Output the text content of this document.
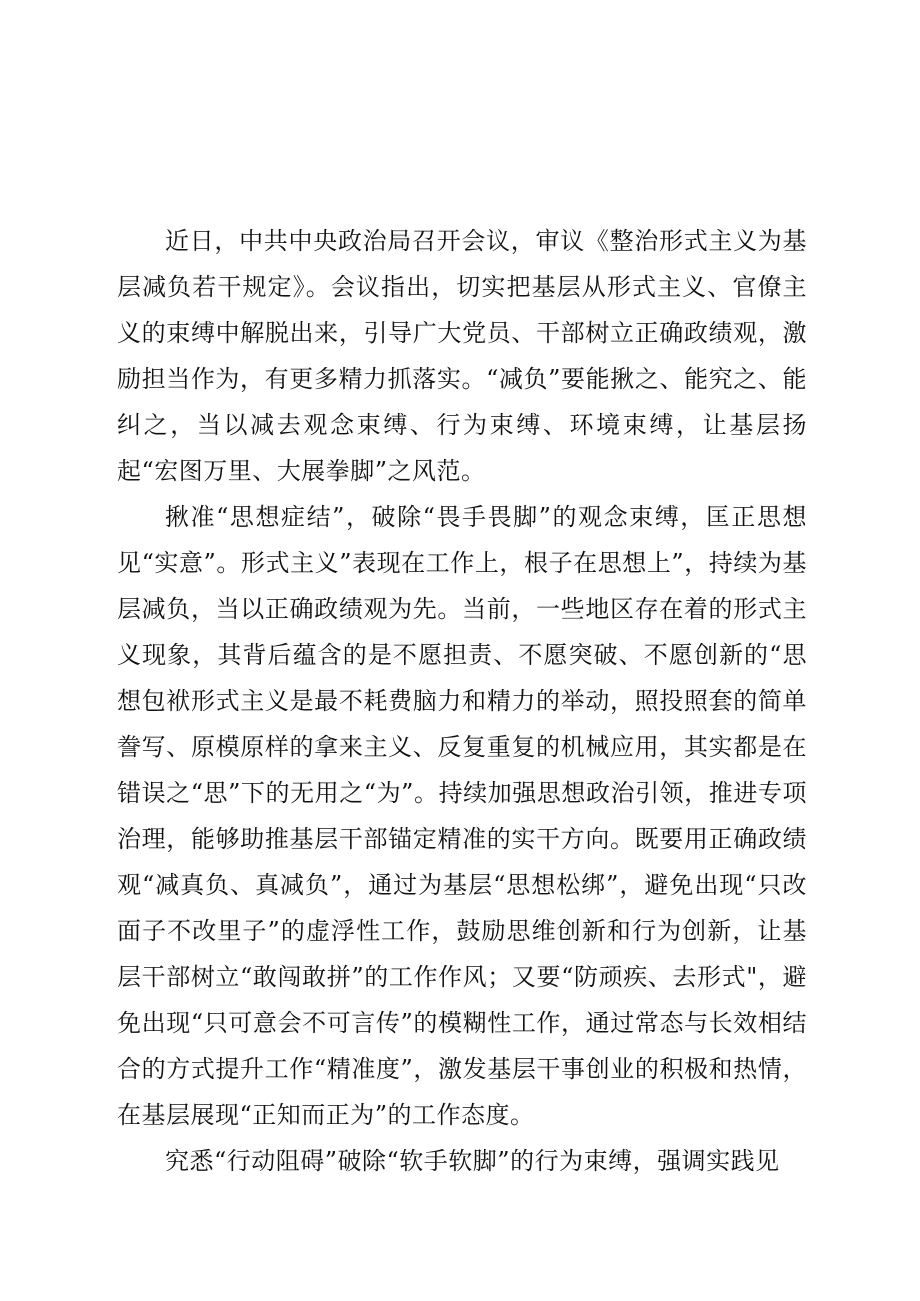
近日，中共中央政治局召开会议，审议《整治形式主义为基层减负若干规定》。会议指出，切实把基层从形式主义、官僚主义的束缚中解脱出来，引导广大党员、干部树立正确政绩观，激励担当作为，有更多精力抓落实。“减负”要能揪之、能究之、能纠之，当以减去观念束缚、行为束缚、环境束缚，让基层扬起“宏图万里、大展拳脚”之风范。

揪准“思想症结”，破除“畏手畏脚”的观念束缚，匡正思想见“实意”。形式主义”表现在工作上，根子在思想上”，持续为基层减负，当以正确政绩观为先。当前，一些地区存在着的形式主义现象，其背后蕴含的是不愿担责、不愿突破、不愿创新的“思想包袱形式主义是最不耗费脑力和精力的举动，照投照套的简单誊写、原模原样的拿来主义、反复重复的机械应用，其实都是在错误之“思”下的无用之“为”。持续加强思想政治引领，推进专项治理，能够助推基层干部锚定精准的实干方向。既要用正确政绩观“减真负、真减负”，通过为基层“思想松绑”，避免出现“只改面子不改里子”的虚浮性工作，鼓励思维创新和行为创新，让基层干部树立“敢闯敢拼”的工作作风；又要“防顽疾、去形式"，避免出现“只可意会不可言传”的模糊性工作，通过常态与长效相结合的方式提升工作“精准度”，激发基层干事创业的积极和热情，在基层展现“正知而正为”的工作态度。

究悉“行动阻碍”破除“软手软脚”的行为束缚，强调实践见
